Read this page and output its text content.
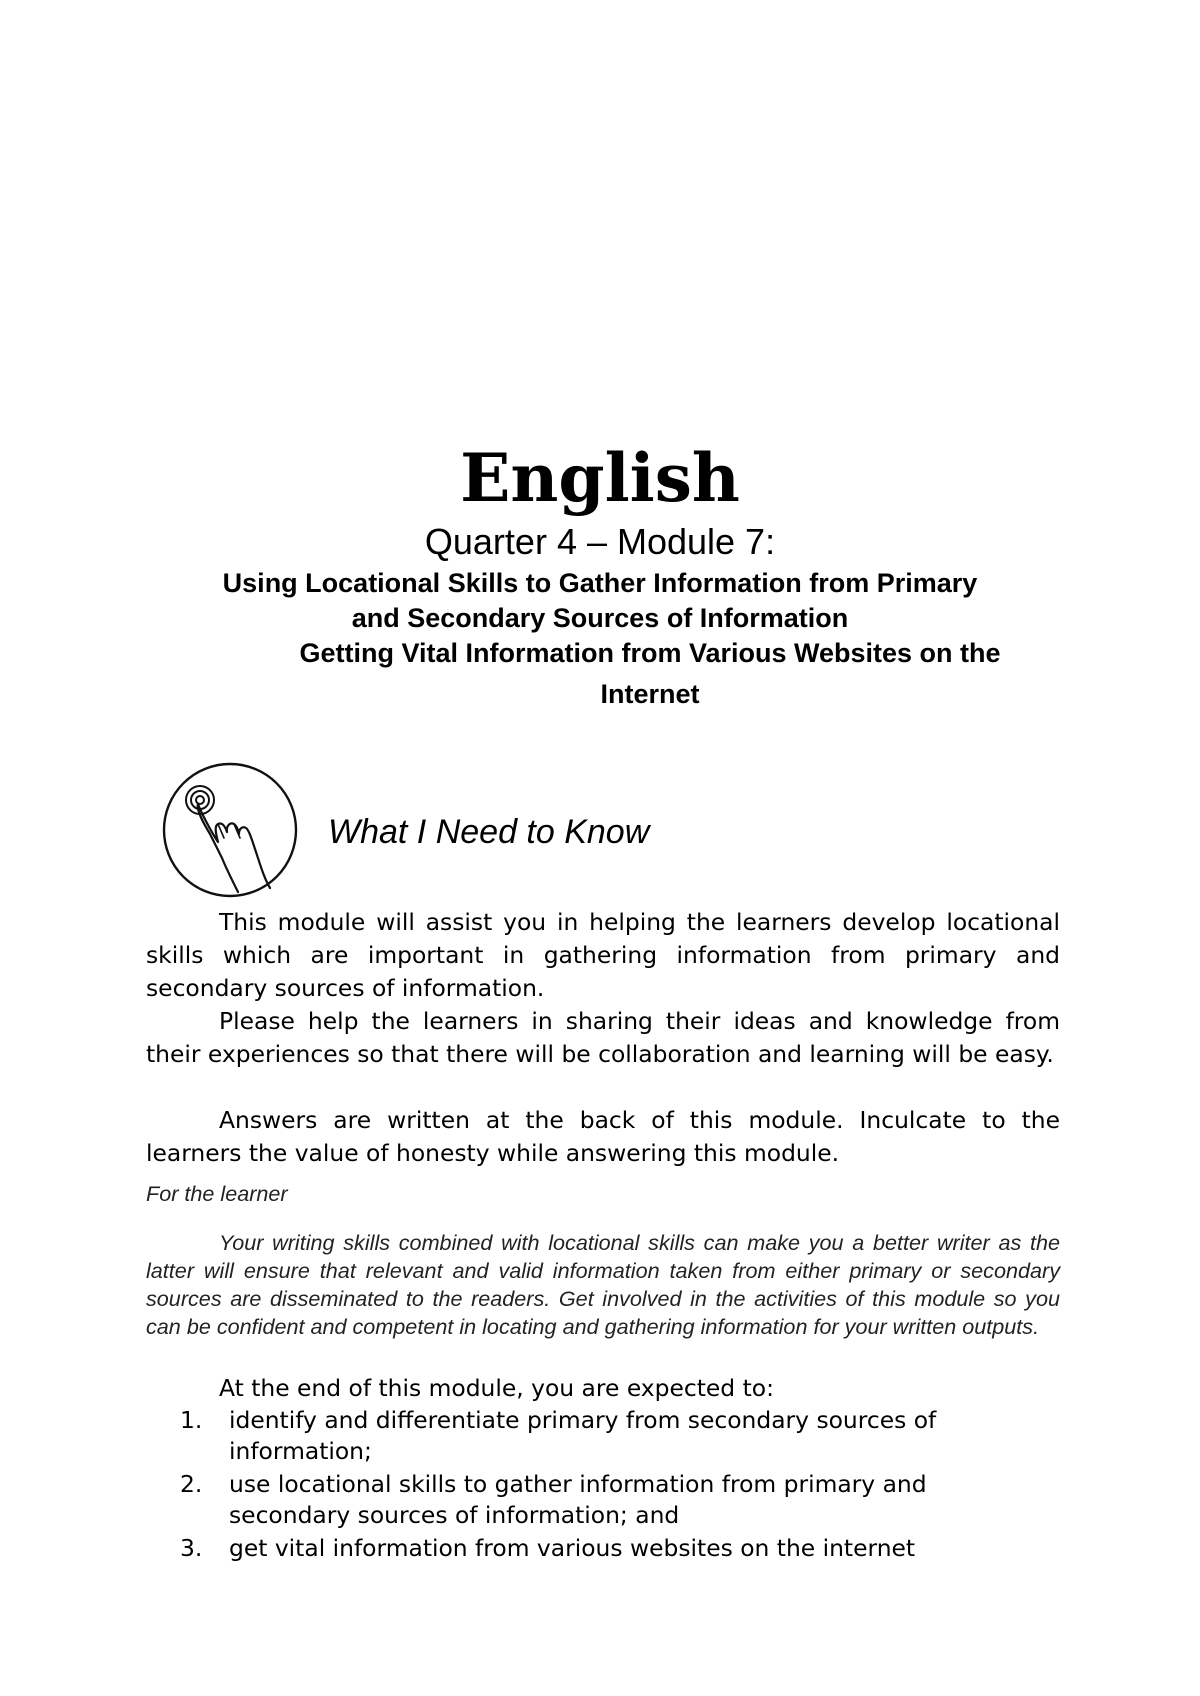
English
Quarter 4 – Module 7:
Using Locational Skills to Gather Information from Primary
and Secondary Sources of Information
Getting Vital Information from Various Websites on the
Internet
What I Need to Know

This module will assist you in helping the learners develop locational skills which are important in gathering information from primary and secondary sources of information.

Please help the learners in sharing their ideas and knowledge from their experiences so that there will be collaboration and learning will be easy.

Answers are written at the back of this module. Inculcate to the learners the value of honesty while answering this module.

For the learner

Your writing skills combined with locational skills can make you a better writer as the latter will ensure that relevant and valid information taken from either primary or secondary sources are disseminated to the readers. Get involved in the activities of this module so you can be confident and competent in locating and gathering information for your written outputs.

At the end of this module, you are expected to:
1. identify and differentiate primary from secondary sources of information;
2. use locational skills to gather information from primary and secondary sources of information; and
3. get vital information from various websites on the internet
